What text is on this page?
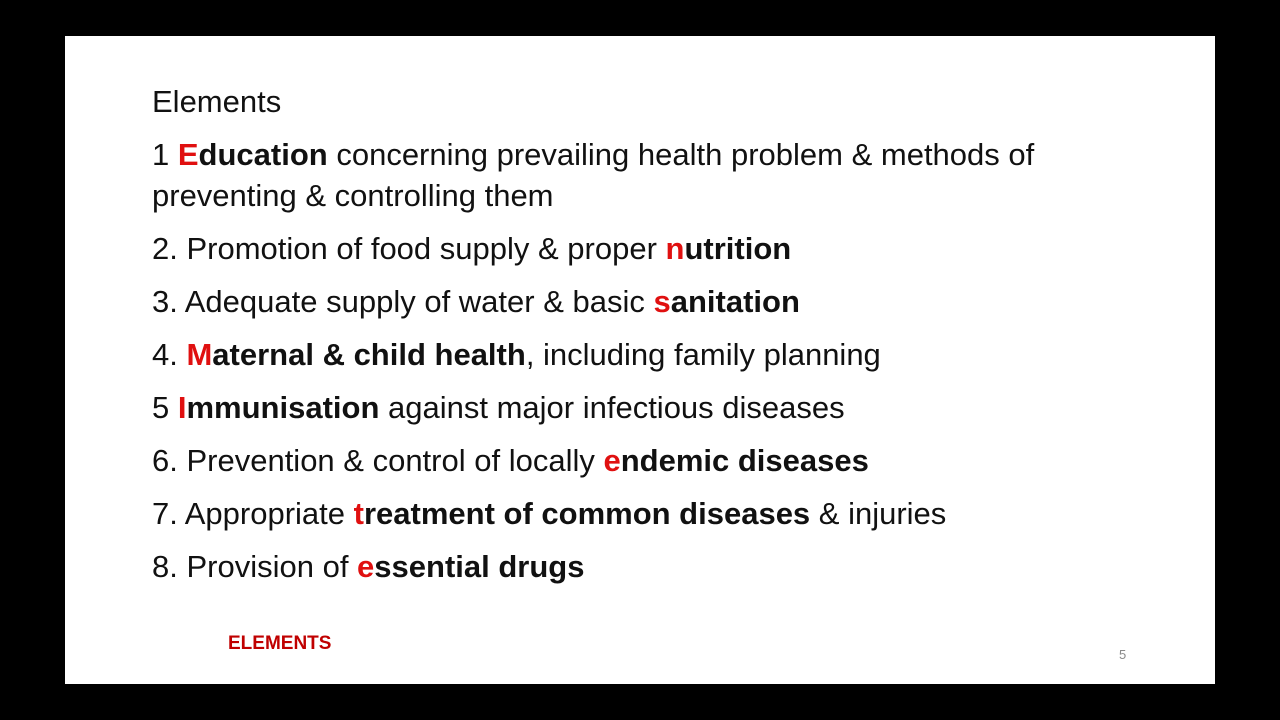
Elements
1 Education concerning prevailing health problem & methods of preventing & controlling them
2. Promotion of food supply & proper nutrition
3. Adequate supply of water & basic sanitation
4. Maternal & child health, including family planning
5 Immunisation against major infectious diseases
6. Prevention & control of locally endemic diseases
7. Appropriate treatment of common diseases & injuries
8. Provision of essential drugs
ELEMENTS
5
